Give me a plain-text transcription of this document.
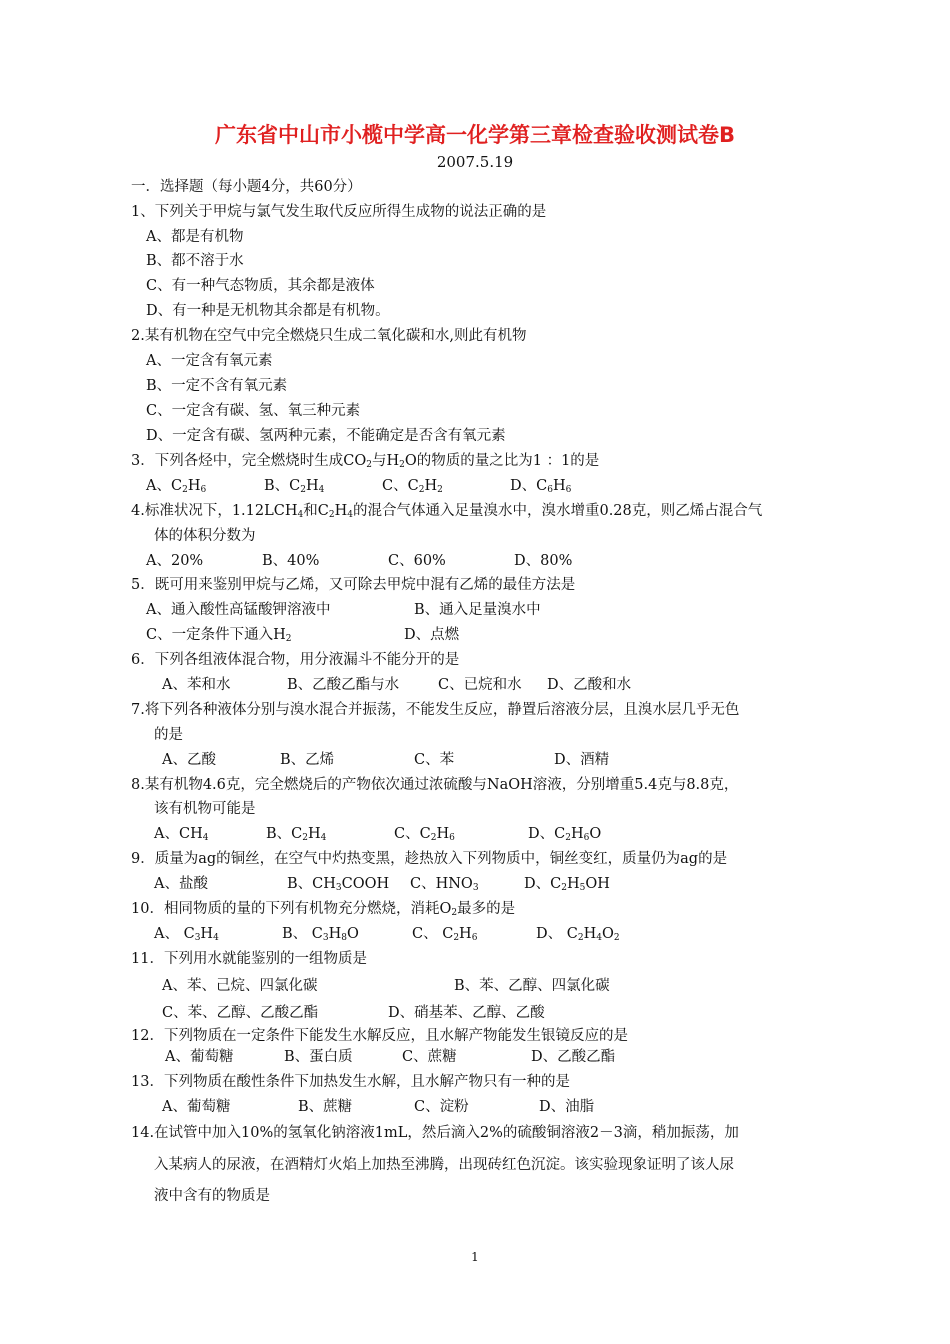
广东省中山市小榄中学高一化学第三章检查验收测试卷B
2007.5.19
一．选择题（每小题4分，共60分）
1、下列关于甲烷与氯气发生取代反应所得生成物的说法正确的是
A、都是有机物
B、都不溶于水
C、有一种气态物质，其余都是液体
D、有一种是无机物其余都是有机物。
2.某有机物在空气中完全燃烧只生成二氧化碳和水,则此有机物
A、一定含有氧元素
B、一定不含有氧元素
C、一定含有碳、氢、氧三种元素
D、一定含有碳、氢两种元素，不能确定是否含有氧元素
3．下列各烃中，完全燃烧时生成$CO_2$与$H_2O$的物质的量之比为1 ：1的是
A、$C_2H_6$	B、$C_2H_4$	C、$C_2H_2$	D、$C_6H_6$
4.标准状况下，$1.12LCH_4$和$C_2H_4$的混合气体通入足量溴水中，溴水增重0.28克，则乙烯占混合气
体的体积分数为
A、20%	B、40%	C、60%	D、80%
5．既可用来鉴别甲烷与乙烯，又可除去甲烷中混有乙烯的最佳方法是
A、通入酸性高锰酸钾溶液中	B、通入足量溴水中
C、一定条件下通入$H_2$	D、点燃
6．下列各组液体混合物，用分液漏斗不能分开的是
A、苯和水	B、乙酸乙酯与水	C、已烷和水 D、乙酸和水
7.将下列各种液体分别与溴水混合并振荡，不能发生反应，静置后溶液分层，且溴水层几乎无色
的是
A、乙酸	B、乙烯	C、苯	D、酒精
8.某有机物4.6克，完全燃烧后的产物依次通过浓硫酸与NaOH溶液，分别增重5.4克与8.8克，
该有机物可能是
A、$CH_4$	B、$C_2H_4$	C、$C_2H_6$	D、$C_2H_6O$
9．质量为ag的铜丝，在空气中灼热变黑，趁热放入下列物质中，铜丝变红，质量仍为ag的是
A、盐酸	B、$CH_3COOH$ C、$HNO_3$	D、$C_2H_5OH$
10．相同物质的量的下列有机物充分燃烧，消耗$O_2$最多的是
A、 $C_3H_4$	B、 $C_3H_8O$	C、 $C_2H_6$	D、 $C_2H_4O_2$
11．下列用水就能鉴别的一组物质是
A、苯、己烷、四氯化碳	B、苯、乙醇、四氯化碳
C、苯、乙醇、乙酸乙酯	D、硝基苯、乙醇、乙酸
12．下列物质在一定条件下能发生水解反应，且水解产物能发生银镜反应的是
A、葡萄糖	B、蛋白质	C、蔗糖	D、乙酸乙酯
13．下列物质在酸性条件下加热发生水解，且水解产物只有一种的是
A、葡萄糖	B、蔗糖	C、淀粉	D、油脂
14.在试管中加入10%的氢氧化钠溶液1mL，然后滴入2%的硫酸铜溶液2－3滴，稍加振荡，加
入某病人的尿液，在酒精灯火焰上加热至沸腾，出现砖红色沉淀。该实验现象证明了该人尿
液中含有的物质是
1
